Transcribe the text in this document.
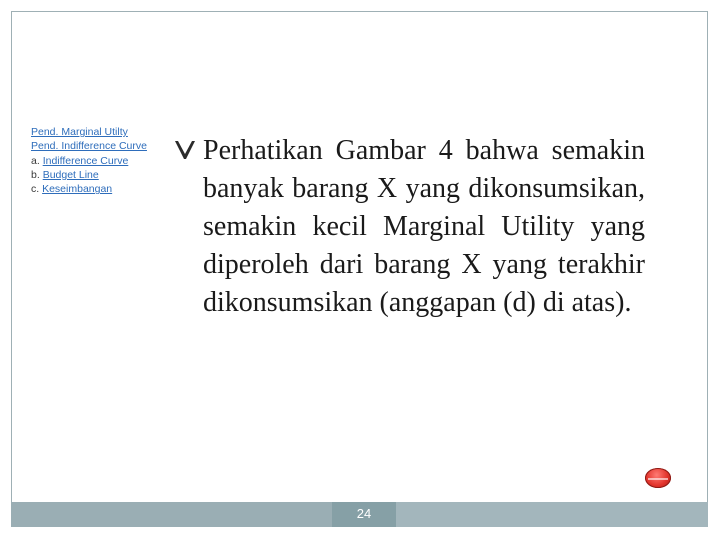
Pend. Marginal Utilty
Pend. Indifference Curve
a. Indifference Curve
b. Budget Line
c. Keseimbangan
Perhatikan Gambar 4 bahwa semakin banyak barang X yang dikonsumsikan, semakin kecil Marginal Utility yang diperoleh dari barang X yang terakhir dikonsumsikan (anggapan (d) di atas).
24
